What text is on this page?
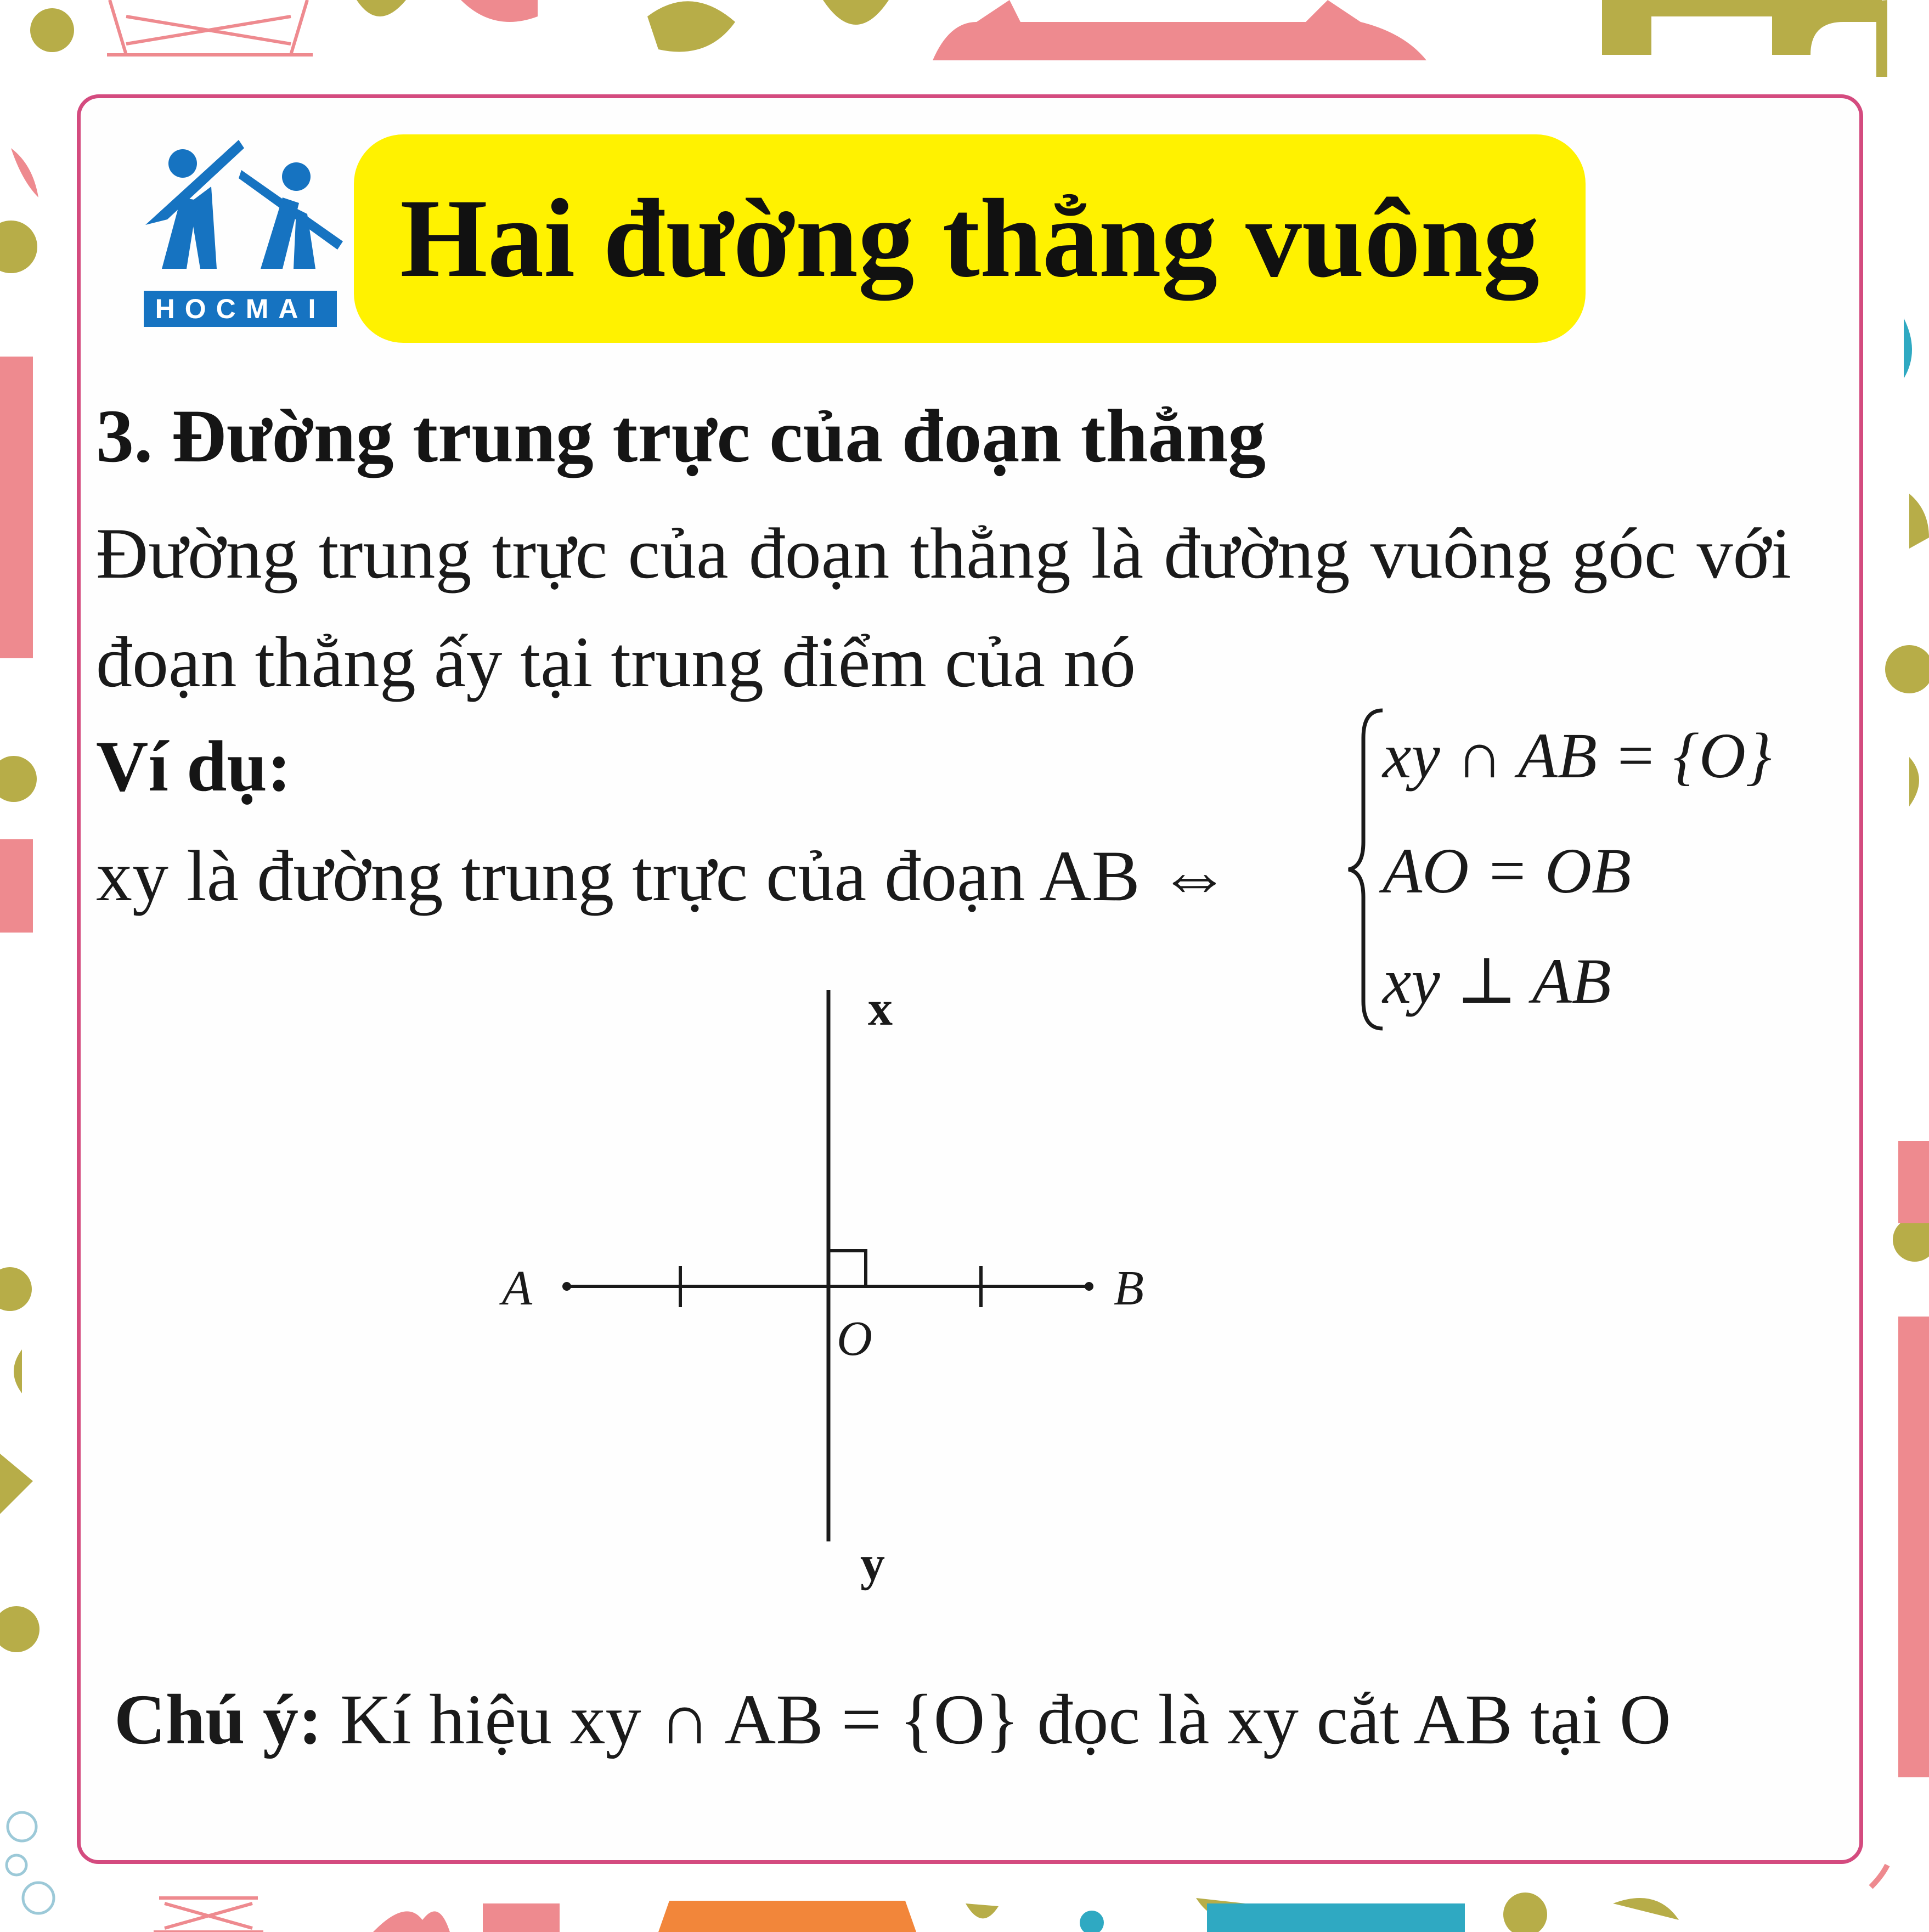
HOCMAI
Hai đường thẳng vuông
3. Đường trung trực của đoạn thẳng
Đường trung trực của đoạn thẳng là đường vuông góc với đoạn thẳng ấy tại trung điểm của nó
Ví dụ:
xy là đường trung trực của đoạn AB ⇔
xy ∩ AB = {O}
AO = OB
xy ⊥ AB
x
y
A	B
O
Chú ý: Kí hiệu xy ∩ AB = {O} đọc là xy cắt AB tại O
